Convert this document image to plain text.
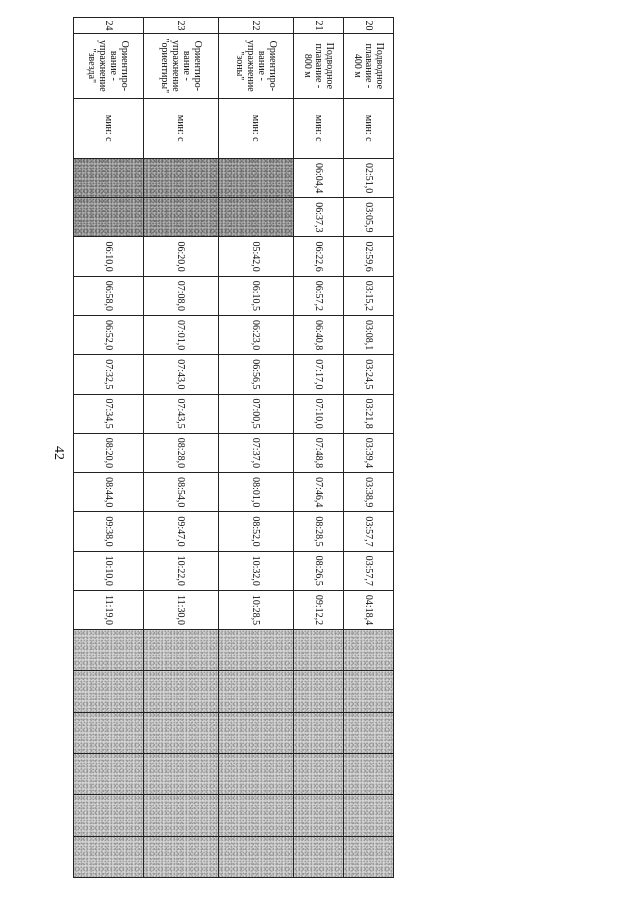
42
20	Подводное
плавание -
400 м	мин: с	02:51,0	03:05,9	02:59,6	03:15,2	03:08,1	03:24,5	03:21,8	03:39,4	03:38,9	03:57,7	03:57,7	04:18,4						
21	Подводное
плавание -
800 м	мин: с	06:04,4	06:37,3	06:22,6	06:57,2	06:40,8	07:17,0	07:10,0	07:48,8	07:46,4	08:28,5	08:26,5	09:12,2						
22	Ориентиро-
вание -
упражнение
"зоны"	мин: с			05:42,0	06:10,5	06:23,0	06:56,5	07:00,5	07:37,0	08:01,0	08:52,0	10:32,0	10:28,5						
23	Ориентиро-
вание -
упражнение
"ориентиры"	мин: с			06:20,0	07:08,0	07:01,0	07:43,0	07:43,5	08:28,0	08:54,0	09:47,0	10:22,0	11:30,0						
24	Ориентиро-
вание -
упражнение
"звезда"	мин: с			06:10,0	06:58,0	06:52,0	07:32,5	07:34,5	08:20,0	08:44,0	09:38,0	10:10,0	11:19,0						
